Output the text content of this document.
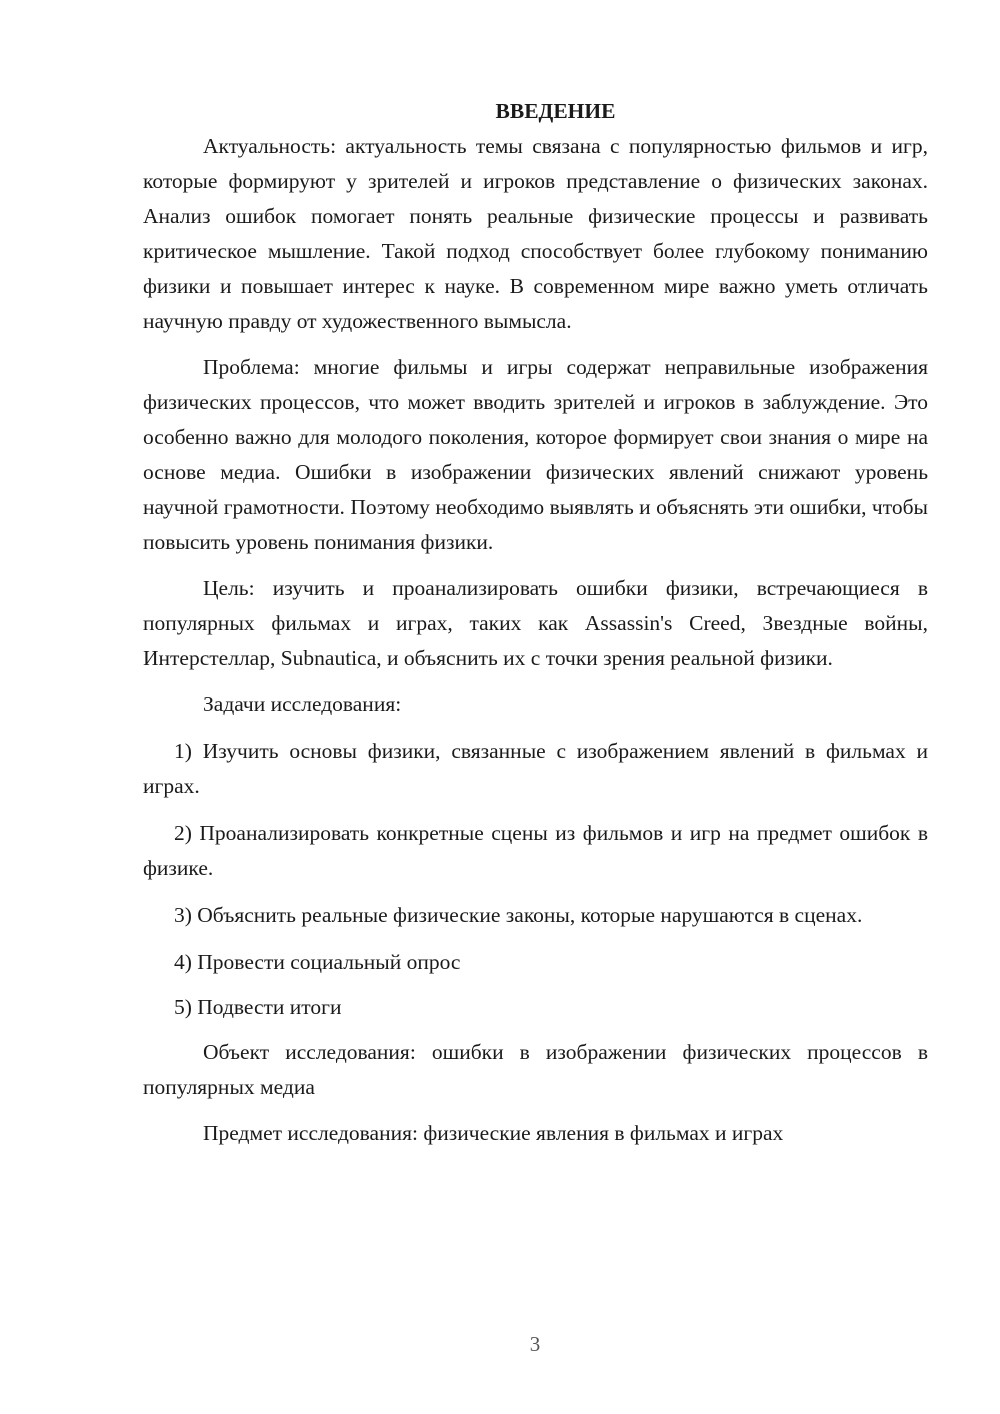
ВВЕДЕНИЕ

Актуальность: актуальность темы связана с популярностью фильмов и игр, которые формируют у зрителей и игроков представление о физических законах. Анализ ошибок помогает понять реальные физические процессы и развивать критическое мышление. Такой подход способствует более глубокому пониманию физики и повышает интерес к науке. В современном мире важно уметь отличать научную правду от художественного вымысла.

Проблема: многие фильмы и игры содержат неправильные изображения физических процессов, что может вводить зрителей и игроков в заблуждение. Это особенно важно для молодого поколения, которое формирует свои знания о мире на основе медиа. Ошибки в изображении физических явлений снижают уровень научной грамотности. Поэтому необходимо выявлять и объяснять эти ошибки, чтобы повысить уровень понимания физики.

Цель: изучить и проанализировать ошибки физики, встречающиеся в популярных фильмах и играх, таких как Assassin's Creed, Звездные войны, Интерстеллар, Subnautica, и объяснить их с точки зрения реальной физики.

Задачи исследования:

1) Изучить основы физики, связанные с изображением явлений в фильмах и играх.

2) Проанализировать конкретные сцены из фильмов и игр на предмет ошибок в физике.

3) Объяснить реальные физические законы, которые нарушаются в сценах.

4) Провести социальный опрос

5) Подвести итоги

Объект исследования: ошибки в изображении физических процессов в популярных медиа

Предмет исследования: физические явления в фильмах и играх

3
